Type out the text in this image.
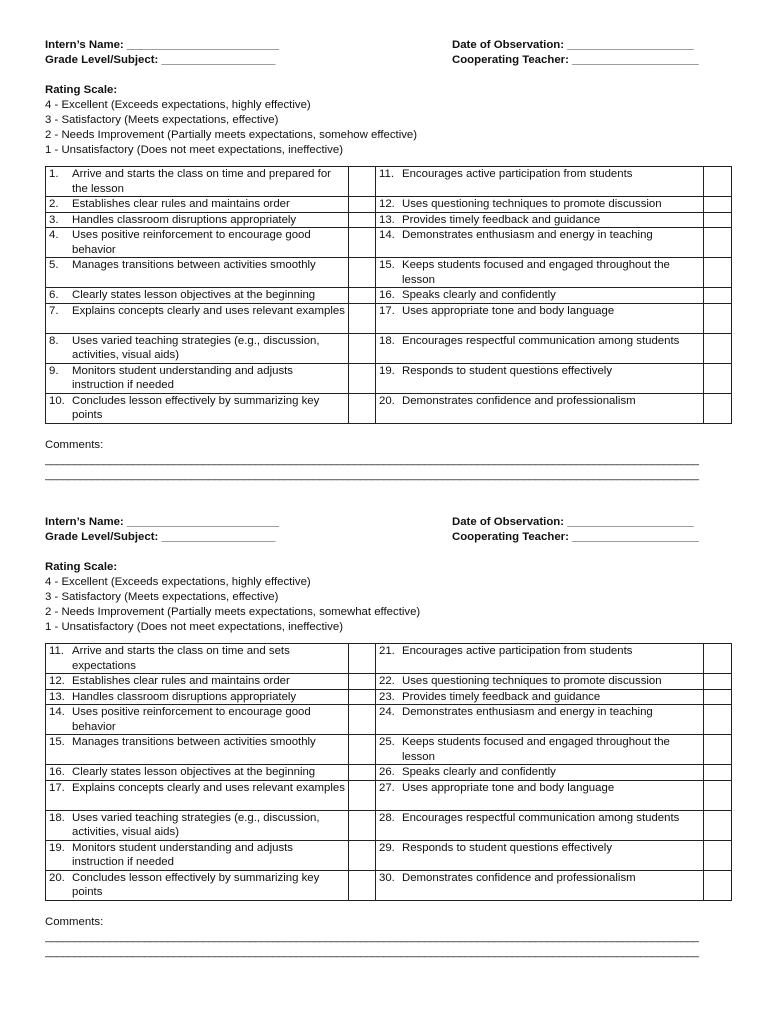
Intern’s Name: ________________________	Date of Observation: ____________________
Grade Level/Subject: __________________	Cooperating Teacher: ____________________
Rating Scale:
4 - Excellent (Exceeds expectations, highly effective)
3 - Satisfactory (Meets expectations, effective)
2 - Needs Improvement (Partially meets expectations, somehow effective)
1 - Unsatisfactory (Does not meet expectations, ineffective)
1. Arrive and starts the class on time and prepared for the lesson		11. Encourages active participation from students	

2. Establishes clear rules and maintains order		12. Uses questioning techniques to promote discussion	

3. Handles classroom disruptions appropriately		13. Provides timely feedback and guidance	

4. Uses positive reinforcement to encourage good behavior		14. Demonstrates enthusiasm and energy in teaching	

5. Manages transitions between activities smoothly		15. Keeps students focused and engaged throughout the lesson	

6. Clearly states lesson objectives at the beginning		16. Speaks clearly and confidently	

7. Explains concepts clearly and uses relevant examples		17. Uses appropriate tone and body language	

8. Uses varied teaching strategies (e.g., discussion, activities, visual aids)		18. Encourages respectful communication among students	

9. Monitors student understanding and adjusts instruction if needed		19. Responds to student questions effectively	

10. Concludes lesson effectively by summarizing key points		20. Demonstrates confidence and professionalism	

Comments:
________________________________________________________________________________________________________________
________________________________________________________________________________________________________________
Intern’s Name: ________________________	Date of Observation: ____________________
Grade Level/Subject: __________________	Cooperating Teacher: ____________________
Rating Scale:
4 - Excellent (Exceeds expectations, highly effective)
3 - Satisfactory (Meets expectations, effective)
2 - Needs Improvement (Partially meets expectations, somewhat effective)
1 - Unsatisfactory (Does not meet expectations, ineffective)
11. Arrive and starts the class on time and sets expectations		21. Encourages active participation from students	

12. Establishes clear rules and maintains order		22. Uses questioning techniques to promote discussion	

13. Handles classroom disruptions appropriately		23. Provides timely feedback and guidance	

14. Uses positive reinforcement to encourage good behavior		24. Demonstrates enthusiasm and energy in teaching	

15. Manages transitions between activities smoothly		25. Keeps students focused and engaged throughout the lesson	

16. Clearly states lesson objectives at the beginning		26. Speaks clearly and confidently	

17. Explains concepts clearly and uses relevant examples		27. Uses appropriate tone and body language	

18. Uses varied teaching strategies (e.g., discussion, activities, visual aids)		28. Encourages respectful communication among students	

19. Monitors student understanding and adjusts instruction if needed		29. Responds to student questions effectively	

20. Concludes lesson effectively by summarizing key points		30. Demonstrates confidence and professionalism	

Comments:
________________________________________________________________________________________________________________
________________________________________________________________________________________________________________
